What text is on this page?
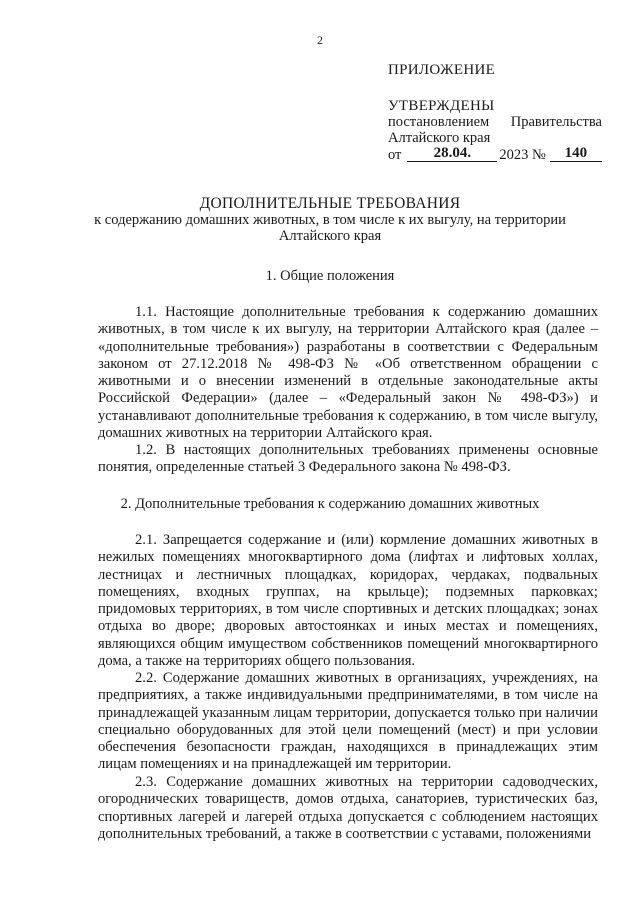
2
ПРИЛОЖЕНИЕ
УТВЕРЖДЕНЫ
постановлением Правительства
Алтайского края
от	28.04.	2023 №	140
ДОПОЛНИТЕЛЬНЫЕ ТРЕБОВАНИЯ
к содержанию домашних животных, в том числе к их выгулу, на территории
Алтайского края
1. Общие положения

1.1. Настоящие дополнительные требования к содержанию домашних животных, в том числе к их выгулу, на территории Алтайского края (далее – «дополнительные требования») разработаны в соответствии с Федеральным законом от 27.12.2018 № 498-ФЗ № «Об ответственном обращении с животными и о внесении изменений в отдельные законодательные акты Российской Федерации» (далее – «Федеральный закон № 498-ФЗ») и устанавливают дополнительные требования к содержанию, в том числе выгулу, домашних животных на территории Алтайского края.

1.2. В настоящих дополнительных требованиях применены основные понятия, определенные статьей 3 Федерального закона № 498-ФЗ.

2. Дополнительные требования к содержанию домашних животных

2.1. Запрещается содержание и (или) кормление домашних животных в нежилых помещениях многоквартирного дома (лифтах и лифтовых холлах, лестницах и лестничных площадках, коридорах, чердаках, подвальных помещениях, входных группах, на крыльце); подземных парковках; придомовых территориях, в том числе спортивных и детских площадках; зонах отдыха во дворе; дворовых автостоянках и иных местах и помещениях, являющихся общим имуществом собственников помещений многоквартирного дома, а также на территориях общего пользования.

2.2. Содержание домашних животных в организациях, учреждениях, на предприятиях, а также индивидуальными предпринимателями, в том числе на принадлежащей указанным лицам территории, допускается только при наличии специально оборудованных для этой цели помещений (мест) и при условии обеспечения безопасности граждан, находящихся в принадлежащих этим лицам помещениях и на принадлежащей им территории.

2.3. Содержание домашних животных на территории садоводческих, огороднических товариществ, домов отдыха, санаториев, туристических баз, спортивных лагерей и лагерей отдыха допускается с соблюдением настоящих дополнительных требований, а также в соответствии с уставами, положениями
